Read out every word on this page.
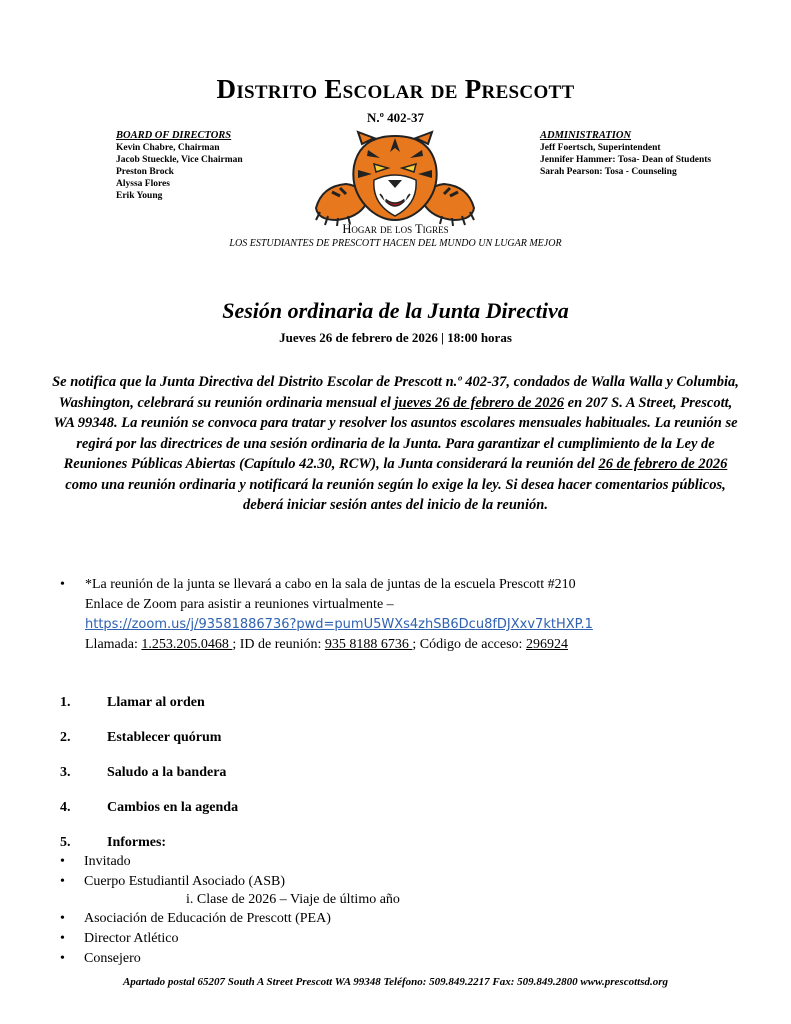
Distrito Escolar de Prescott
N.º 402-37
BOARD OF DIRECTORS
Kevin Chabre, Chairman
Jacob Stueckle, Vice Chairman
Preston Brock
Alyssa Flores
Erik Young
ADMINISTRATION
Jeff Foertsch, Superintendent
Jennifer Hammer: Tosa- Dean of Students
Sarah Pearson: Tosa - Counseling
Hogar de los Tigres
LOS ESTUDIANTES DE PRESCOTT HACEN DEL MUNDO UN LUGAR MEJOR
Sesión ordinaria de la Junta Directiva
Jueves 26 de febrero de 2026 | 18:00 horas
Se notifica que la Junta Directiva del Distrito Escolar de Prescott n.º 402-37, condados de Walla Walla y Columbia, Washington, celebrará su reunión ordinaria mensual el jueves 26 de febrero de 2026 en 207 S. A Street, Prescott, WA 99348. La reunión se convoca para tratar y resolver los asuntos escolares mensuales habituales. La reunión se regirá por las directrices de una sesión ordinaria de la Junta. Para garantizar el cumplimiento de la Ley de Reuniones Públicas Abiertas (Capítulo 42.30, RCW), la Junta considerará la reunión del 26 de febrero de 2026 como una reunión ordinaria y notificará la reunión según lo exige la ley. Si desea hacer comentarios públicos, deberá iniciar sesión antes del inicio de la reunión.
• *La reunión de la junta se llevará a cabo en la sala de juntas de la escuela Prescott #210
Enlace de Zoom para asistir a reuniones virtualmente –
https://zoom.us/j/93581886736?pwd=pumU5WXs4zhSB6Dcu8fDJXxv7ktHXP.1
Llamada: 1.253.205.0468 ; ID de reunión: 935 8188 6736 ; Código de acceso: 296924
1.	Llamar al orden
2.	Establecer quórum
3.	Saludo a la bandera
4.	Cambios en la agenda
5.	Informes:
• Invitado
• Cuerpo Estudiantil Asociado (ASB)
i. Clase de 2026 – Viaje de último año
• Asociación de Educación de Prescott (PEA)
• Director Atlético
• Consejero
Apartado postal 65207 South A Street Prescott WA 99348 Teléfono: 509.849.2217 Fax: 509.849.2800 www.prescottsd.org
